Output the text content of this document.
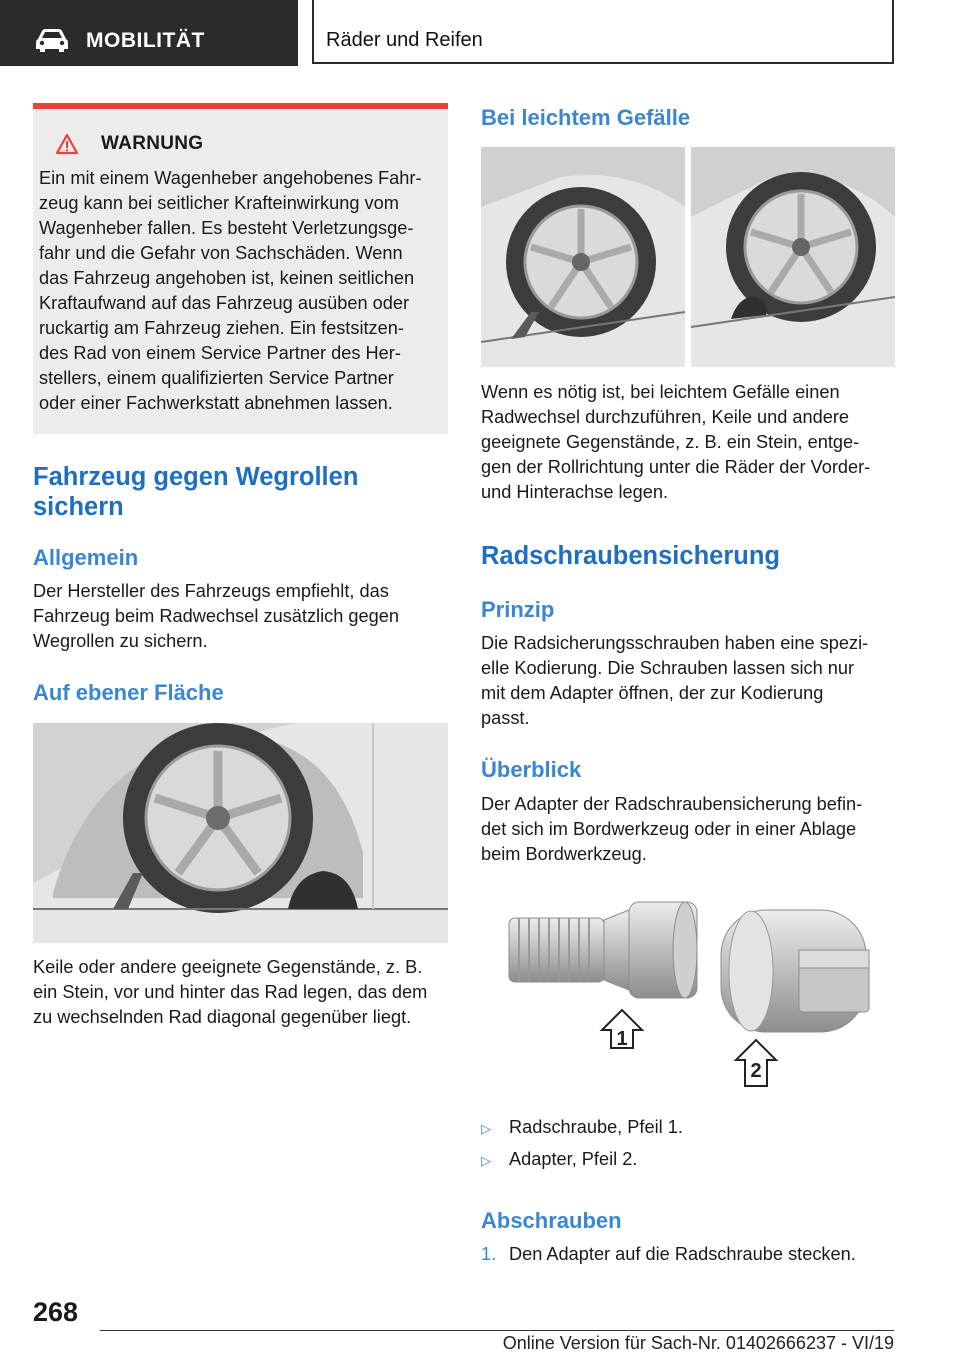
MOBILITÄT	Räder und Reifen
WARNUNG
Ein mit einem Wagenheber angehobenes Fahr‐
zeug kann bei seitlicher Krafteinwirkung vom
Wagenheber fallen. Es besteht Verletzungsge‐
fahr und die Gefahr von Sachschäden. Wenn
das Fahrzeug angehoben ist, keinen seitlichen
Kraftaufwand auf das Fahrzeug ausüben oder
ruckartig am Fahrzeug ziehen. Ein festsitzen‐
des Rad von einem Service Partner des Her‐
stellers, einem qualifizierten Service Partner
oder einer Fachwerkstatt abnehmen lassen.
Fahrzeug gegen Wegrollen
sichern
Allgemein
Der Hersteller des Fahrzeugs empfiehlt, das
Fahrzeug beim Radwechsel zusätzlich gegen
Wegrollen zu sichern.
Auf ebener Fläche
Keile oder andere geeignete Gegenstände, z. B.
ein Stein, vor und hinter das Rad legen, das dem
zu wechselnden Rad diagonal gegenüber liegt.
Bei leichtem Gefälle
Wenn es nötig ist, bei leichtem Gefälle einen
Radwechsel durchzuführen, Keile und andere
geeignete Gegenstände, z. B. ein Stein, entge‐
gen der Rollrichtung unter die Räder der Vorder‐
und Hinterachse legen.
Radschraubensicherung
Prinzip
Die Radsicherungsschrauben haben eine spezi‐
elle Kodierung. Die Schrauben lassen sich nur
mit dem Adapter öffnen, der zur Kodierung
passt.
Überblick
Der Adapter der Radschraubensicherung befin‐
det sich im Bordwerkzeug oder in einer Ablage
beim Bordwerkzeug.
1
2
▷ Radschraube, Pfeil 1.
▷ Adapter, Pfeil 2.
Abschrauben
1. Den Adapter auf die Radschraube stecken.
268
Online Version für Sach-Nr. 01402666237 - VI/19
